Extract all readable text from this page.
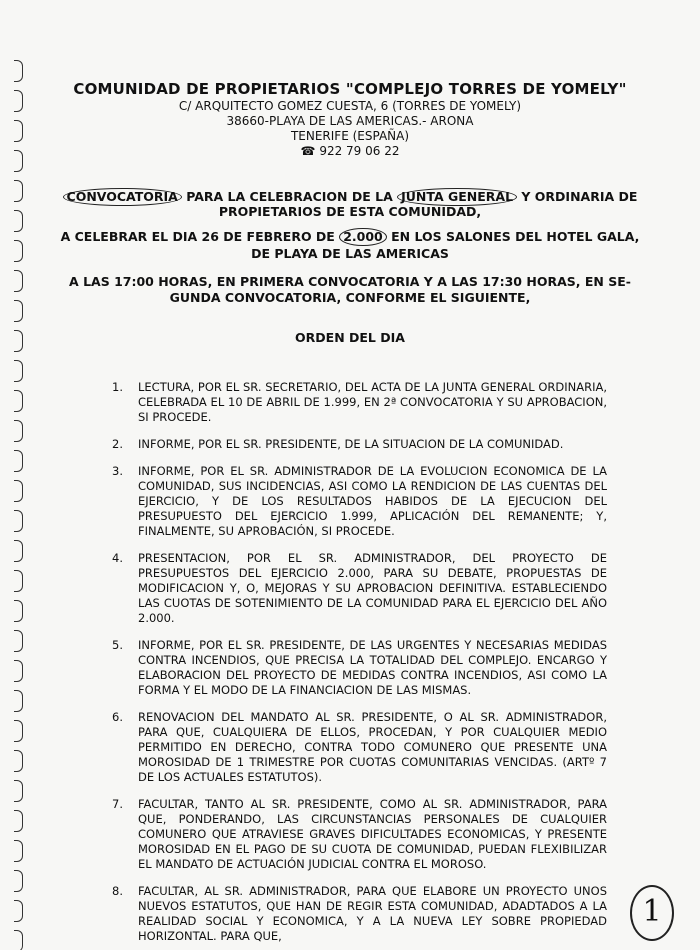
COMUNIDAD DE PROPIETARIOS "COMPLEJO TORRES DE YOMELY"
C/ ARQUITECTO GOMEZ CUESTA, 6 (TORRES DE YOMELY)
38660-PLAYA DE LAS AMERICAS.- ARONA
TENERIFE (ESPAÑA)
☎ 922 79 06 22
CONVOCATORIA PARA LA CELEBRACION DE LA JUNTA GENERAL Y ORDINARIA DE
PROPIETARIOS DE ESTA COMUNIDAD,
A CELEBRAR EL DIA 26 DE FEBRERO DE 2.000 EN LOS SALONES DEL HOTEL GALA,
DE PLAYA DE LAS AMERICAS
A LAS 17:00 HORAS, EN PRIMERA CONVOCATORIA Y A LAS 17:30 HORAS, EN SE-
GUNDA CONVOCATORIA, CONFORME EL SIGUIENTE,
ORDEN DEL DIA
1. LECTURA, POR EL SR. SECRETARIO, DEL ACTA DE LA JUNTA GENERAL ORDINARIA, CELEBRADA EL 10 DE ABRIL DE 1.999, EN 2ª CONVOCATORIA Y SU APROBACION, SI PROCEDE.
2. INFORME, POR EL SR. PRESIDENTE, DE LA SITUACION DE LA COMUNIDAD.
3. INFORME, POR EL SR. ADMINISTRADOR DE LA EVOLUCION ECONOMICA DE LA COMUNIDAD, SUS INCIDENCIAS, ASI COMO LA RENDICION DE LAS CUENTAS DEL EJERCICIO, Y DE LOS RESULTADOS HABIDOS DE LA EJECUCION DEL PRESUPUESTO DEL EJERCICIO 1.999, APLICACIÓN DEL REMANENTE; Y, FINALMENTE, SU APROBACIÓN, SI PROCEDE.
4. PRESENTACION, POR EL SR. ADMINISTRADOR, DEL PROYECTO DE PRESUPUESTOS DEL EJERCICIO 2.000, PARA SU DEBATE, PROPUESTAS DE MODIFICACION Y, O, MEJORAS Y SU APROBACION DEFINITIVA. ESTABLECIENDO LAS CUOTAS DE SOTENIMIENTO DE LA COMUNIDAD PARA EL EJERCICIO DEL AÑO 2.000.
5. INFORME, POR EL SR. PRESIDENTE, DE LAS URGENTES Y NECESARIAS MEDIDAS CONTRA INCENDIOS, QUE PRECISA LA TOTALIDAD DEL COMPLEJO. ENCARGO Y ELABORACION DEL PROYECTO DE MEDIDAS CONTRA INCENDIOS, ASI COMO LA FORMA Y EL MODO DE LA FINANCIACION DE LAS MISMAS.
6. RENOVACION DEL MANDATO AL SR. PRESIDENTE, O AL SR. ADMINISTRADOR, PARA QUE, CUALQUIERA DE ELLOS, PROCEDAN, Y POR CUALQUIER MEDIO PERMITIDO EN DERECHO, CONTRA TODO COMUNERO QUE PRESENTE UNA MOROSIDAD DE 1 TRIMESTRE POR CUOTAS COMUNITARIAS VENCIDAS. (ARTº 7 DE LOS ACTUALES ESTATUTOS).
7. FACULTAR, TANTO AL SR. PRESIDENTE, COMO AL SR. ADMINISTRADOR, PARA QUE, PONDERANDO, LAS CIRCUNSTANCIAS PERSONALES DE CUALQUIER COMUNERO QUE ATRAVIESE GRAVES DIFICULTADES ECONOMICAS, Y PRESENTE MOROSIDAD EN EL PAGO DE SU CUOTA DE COMUNIDAD, PUEDAN FLEXIBILIZAR EL MANDATO DE ACTUACIÓN JUDICIAL CONTRA EL MOROSO.
8. FACULTAR, AL SR. ADMINISTRADOR, PARA QUE ELABORE UN PROYECTO UNOS NUEVOS ESTATUTOS, QUE HAN DE REGIR ESTA COMUNIDAD, ADADTADOS A LA REALIDAD SOCIAL Y ECONOMICA, Y A LA NUEVA LEY SOBRE PROPIEDAD HORIZONTAL. PARA QUE,
1
